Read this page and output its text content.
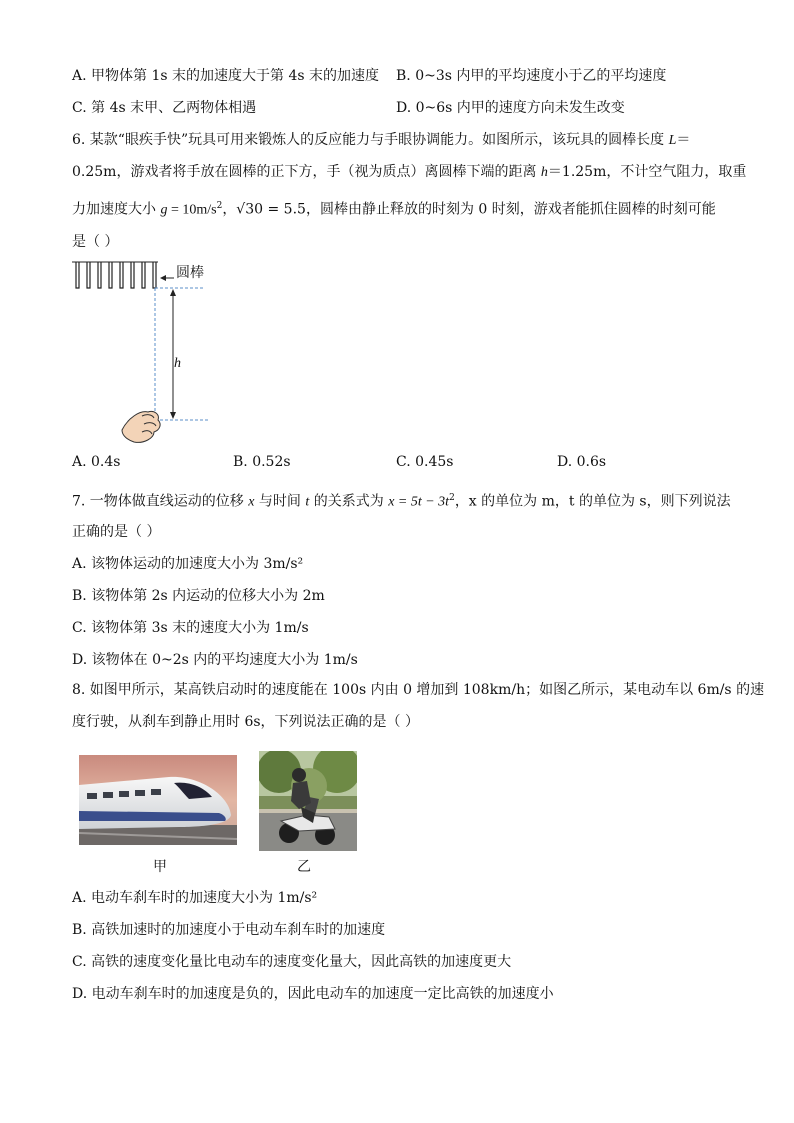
A. 甲物体第 1s 末的加速度大于第 4s 末的加速度 B. 0~3s 内甲的平均速度小于乙的平均速度
C. 第 4s 末甲、乙两物体相遇	D. 0~6s 内甲的速度方向未发生改变
6. 某款“眼疾手快”玩具可用来锻炼人的反应能力与手眼协调能力。如图所示，该玩具的圆棒长度 L＝
0.25m，游戏者将手放在圆棒的正下方，手（视为质点）离圆棒下端的距离 h＝1.25m，不计空气阻力，取重
力加速度大小 $g = 10m/s^2$，√30 = 5.5，圆棒由静止释放的时刻为 0 时刻，游戏者能抓住圆棒的时刻可能
是（ ）
圆棒
h
A. 0.4s	B. 0.52s	C. 0.45s	D. 0.6s
7. 一物体做直线运动的位移 x 与时间 t 的关系式为 $x = 5t - 3t^2$，x 的单位为 m，t 的单位为 s，则下列说法
正确的是（ ）
A. 该物体运动的加速度大小为 3m/s²
B. 该物体第 2s 内运动的位移大小为 2m
C. 该物体第 3s 末的速度大小为 1m/s
D. 该物体在 0~2s 内的平均速度大小为 1m/s
8. 如图甲所示，某高铁启动时的速度能在 100s 内由 0 增加到 108km/h；如图乙所示，某电动车以 6m/s 的速
度行驶，从刹车到静止用时 6s，下列说法正确的是（ ）
甲	乙
A. 电动车刹车时的加速度大小为 1m/s²
B. 高铁加速时的加速度小于电动车刹车时的加速度
C. 高铁的速度变化量比电动车的速度变化量大，因此高铁的加速度更大
D. 电动车刹车时的加速度是负的，因此电动车的加速度一定比高铁的加速度小
